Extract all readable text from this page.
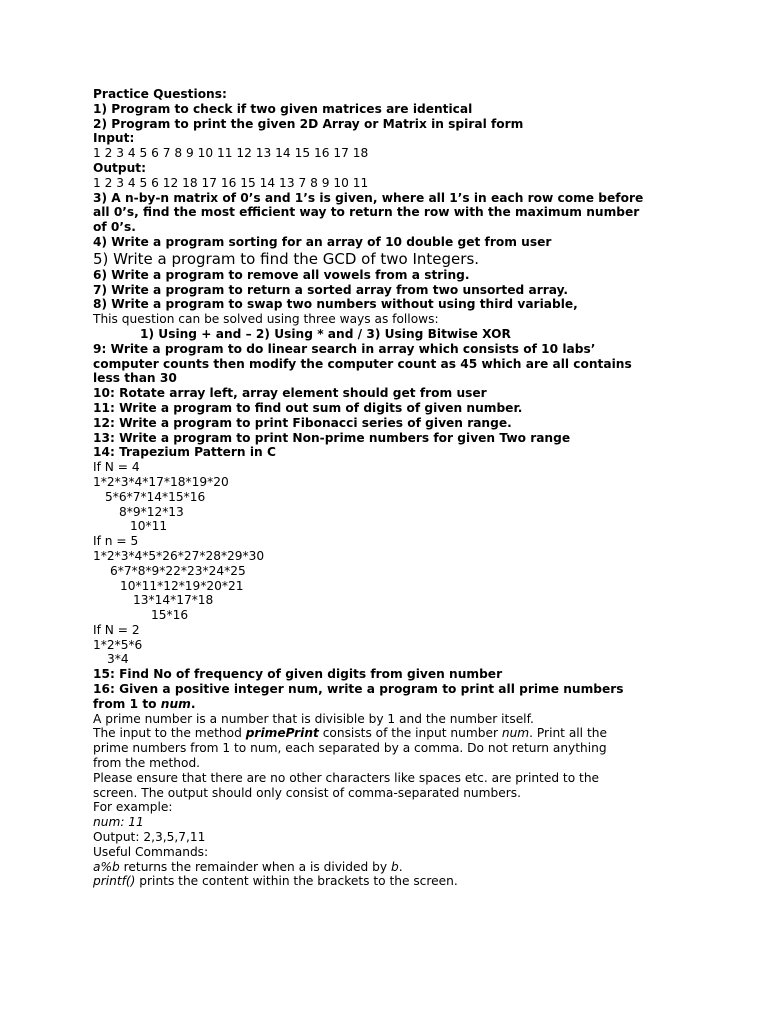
Practice Questions:
1) Program to check if two given matrices are identical
2) Program to print the given 2D Array or Matrix in spiral form
Input:
1 2 3 4 5 6 7 8 9 10 11 12 13 14 15 16 17 18
Output:
1 2 3 4 5 6 12 18 17 16 15 14 13 7 8 9 10 11
3) A n-by-n matrix of 0’s and 1’s is given, where all 1’s in each row come before
all 0’s, find the most efficient way to return the row with the maximum number
of 0’s.
4) Write a program sorting for an array of 10 double get from user
5) Write a program to find the GCD of two Integers.
6) Write a program to remove all vowels from a string.
7) Write a program to return a sorted array from two unsorted array.
8) Write a program to swap two numbers without using third variable,
This question can be solved using three ways as follows:
1) Using + and – 2) Using * and / 3) Using Bitwise XOR
9: Write a program to do linear search in array which consists of 10 labs’
computer counts then modify the computer count as 45 which are all contains
less than 30
10: Rotate array left, array element should get from user
11: Write a program to find out sum of digits of given number.
12: Write a program to print Fibonacci series of given range.
13: Write a program to print Non-prime numbers for given Two range
14: Trapezium Pattern in C
If N = 4
1*2*3*4*17*18*19*20
5*6*7*14*15*16
8*9*12*13
10*11
If n = 5
1*2*3*4*5*26*27*28*29*30
6*7*8*9*22*23*24*25
10*11*12*19*20*21
13*14*17*18
15*16
If N = 2
1*2*5*6
3*4
15: Find No of frequency of given digits from given number
16: Given a positive integer num, write a program to print all prime numbers
from 1 to num.
A prime number is a number that is divisible by 1 and the number itself.
The input to the method primePrint consists of the input number num. Print all the
prime numbers from 1 to num, each separated by a comma. Do not return anything
from the method.
Please ensure that there are no other characters like spaces etc. are printed to the
screen. The output should only consist of comma-separated numbers.
For example:
num: 11
Output: 2,3,5,7,11
Useful Commands:
a%b returns the remainder when a is divided by b.
printf() prints the content within the brackets to the screen.
